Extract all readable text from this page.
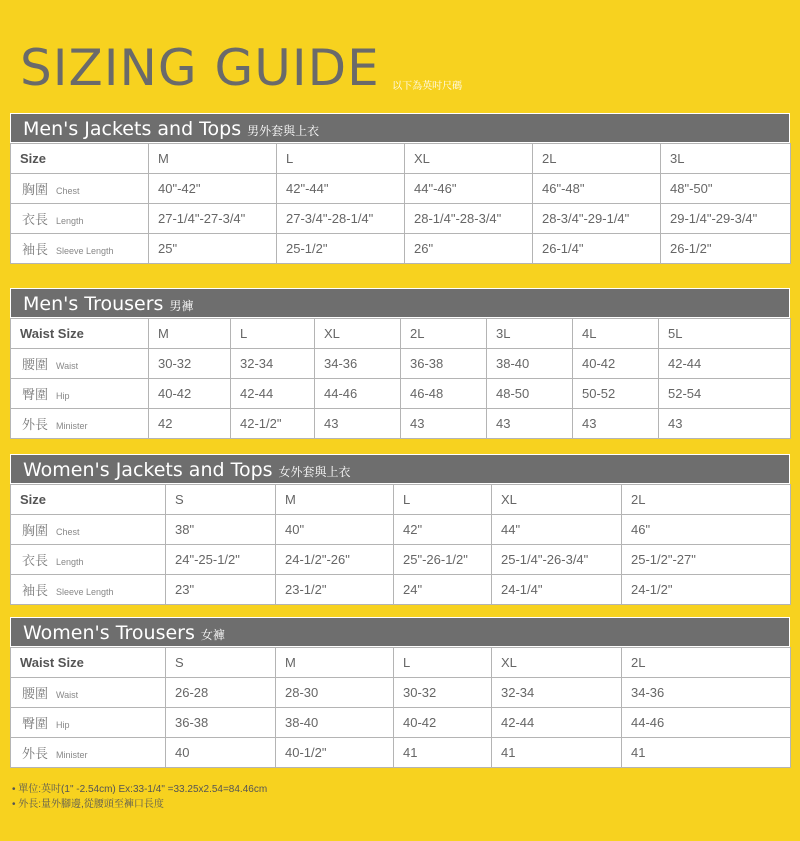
SIZING GUIDE 以下為英吋尺碼
Men's Jackets and Tops 男外套與上衣
Size	M	L	XL	2L	3L
胸圍 Chest	40"-42"	42"-44"	44"-46"	46"-48"	48"-50"
衣長 Length	27-1/4"-27-3/4"	27-3/4"-28-1/4"	28-1/4"-28-3/4"	28-3/4"-29-1/4"	29-1/4"-29-3/4"
袖長 Sleeve Length	25"	25-1/2"	26"	26-1/4"	26-1/2"
Men's Trousers 男褲
Waist Size	M	L	XL	2L	3L	4L	5L
腰圍 Waist	30-32	32-34	34-36	36-38	38-40	40-42	42-44
臀圍 Hip	40-42	42-44	44-46	46-48	48-50	50-52	52-54
外長 Minister	42	42-1/2"	43	43	43	43	43
Women's Jackets and Tops 女外套與上衣
Size	S	M	L	XL	2L
胸圍 Chest	38"	40"	42"	44"	46"
衣長 Length	24"-25-1/2"	24-1/2"-26"	25"-26-1/2"	25-1/4"-26-3/4"	25-1/2"-27"
袖長 Sleeve Length	23"	23-1/2"	24"	24-1/4"	24-1/2"
Women's Trousers 女褲
Waist Size	S	M	L	XL	2L
腰圍 Waist	26-28	28-30	30-32	32-34	34-36
臀圍 Hip	36-38	38-40	40-42	42-44	44-46
外長 Minister	40	40-1/2"	41	41	41
• 單位:英吋(1" -2.54cm) Ex:33-1/4" =33.25x2.54=84.46cm
• 外長:量外腳邊,從腰頭至褲口長度
